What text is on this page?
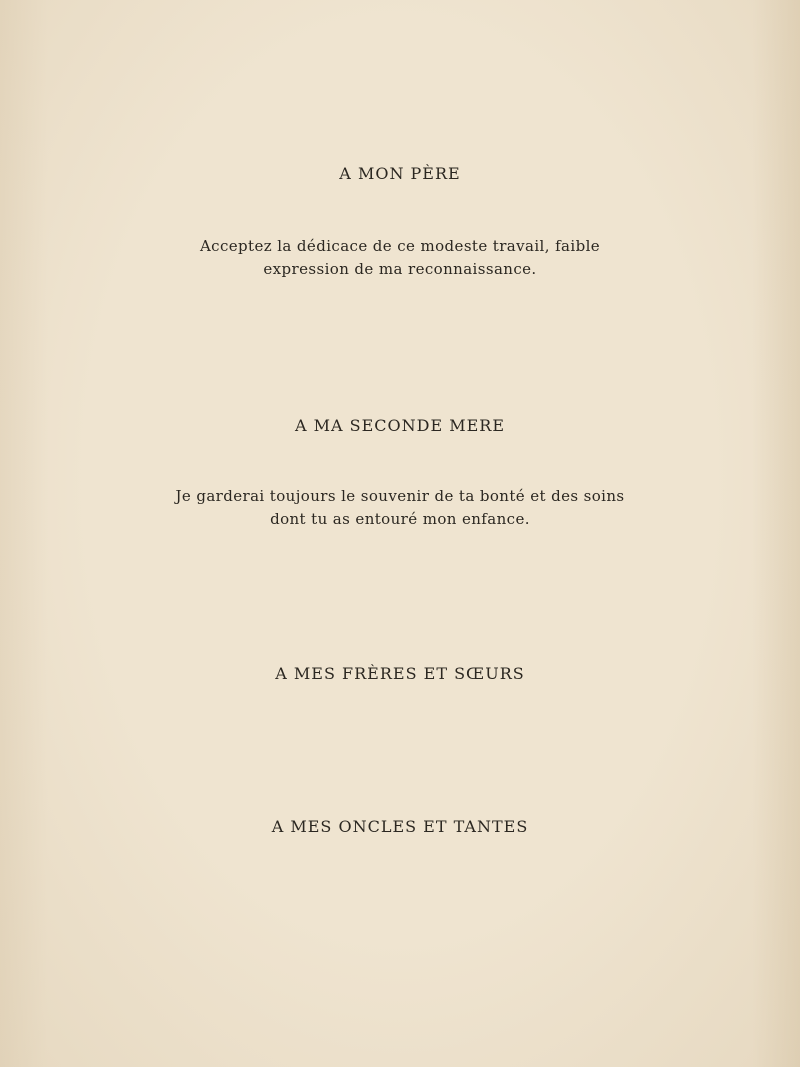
A MON PÈRE
Acceptez la dédicace de ce modeste travail, faible
expression de ma reconnaissance.
A MA SECONDE MERE
Je garderai toujours le souvenir de ta bonté et des soins
dont tu as entouré mon enfance.
A MES FRÈRES ET SŒURS
A MES ONCLES ET TANTES
